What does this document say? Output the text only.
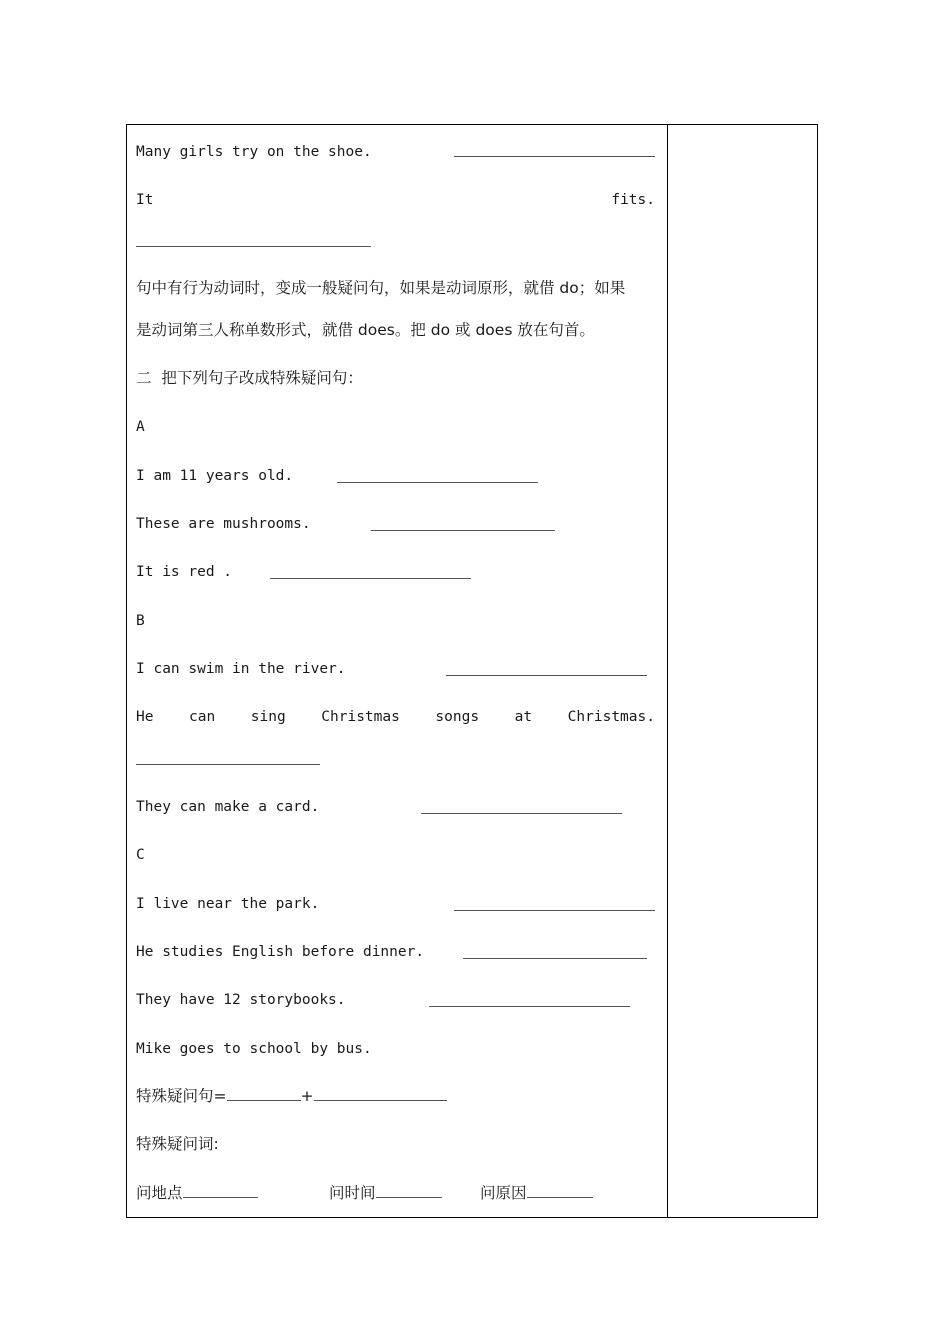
Many girls try on the shoe.
It	fits.
句中有行为动词时，变成一般疑问句，如果是动词原形，就借 do；如果
是动词第三人称单数形式，就借 does。把 do 或 does 放在句首。
二  把下列句子改成特殊疑问句：
A
I am 11 years old.
These are mushrooms.
It is red .
B
I can swim in the river.
He can sing Christmas songs at Christmas.
They can make a card.
C
I live near the park.
He studies English before dinner.
They have 12 storybooks.
Mike goes to school by bus.
特殊疑问句=	+
特殊疑问词:
问地点	问时间	问原因
